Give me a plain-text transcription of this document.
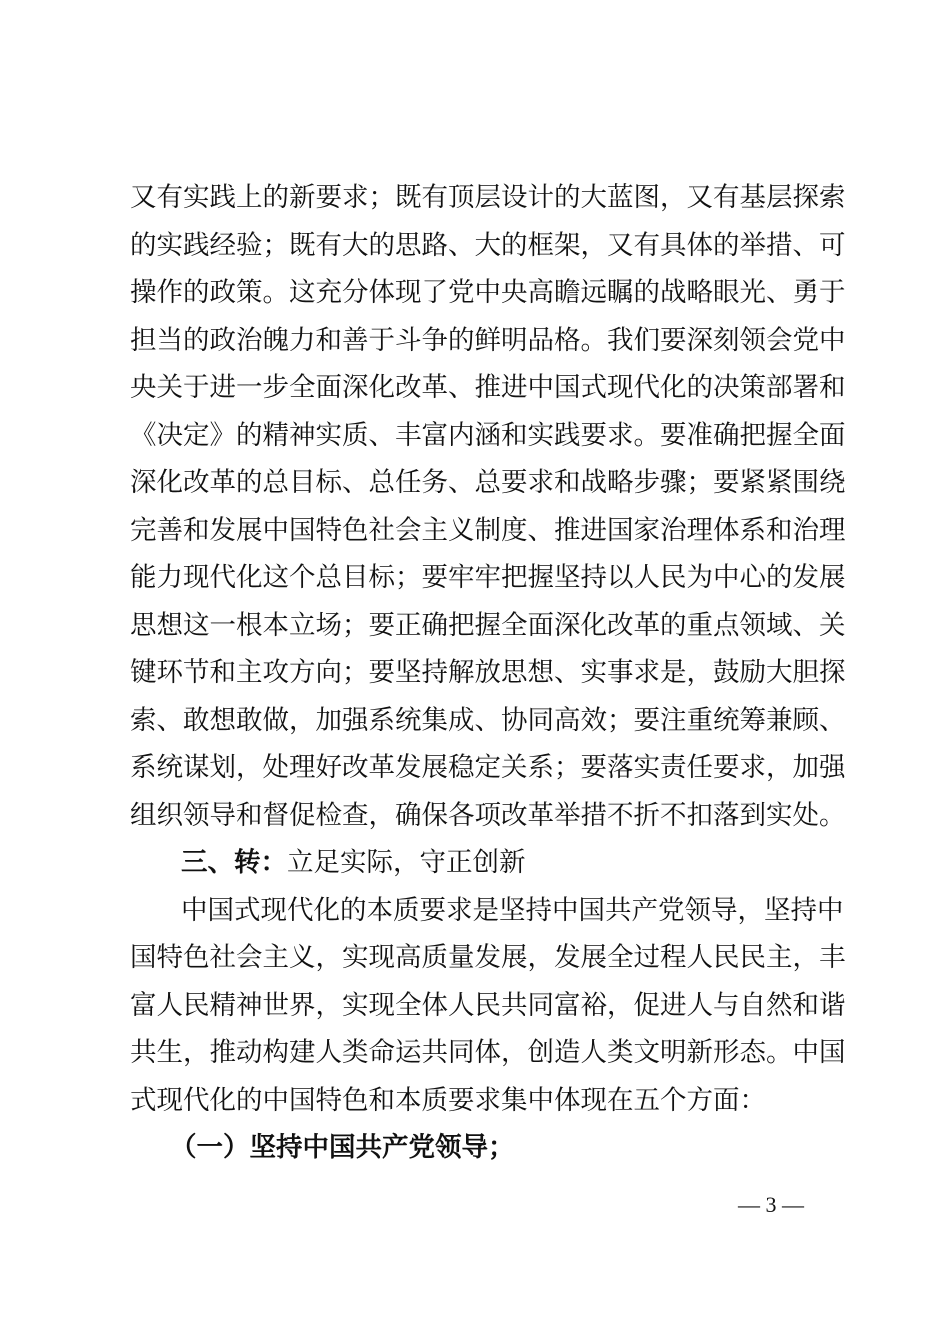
又有实践上的新要求；既有顶层设计的大蓝图，又有基层探索
的实践经验；既有大的思路、大的框架，又有具体的举措、可
操作的政策。这充分体现了党中央高瞻远瞩的战略眼光、勇于
担当的政治魄力和善于斗争的鲜明品格。我们要深刻领会党中
央关于进一步全面深化改革、推进中国式现代化的决策部署和
《决定》的精神实质、丰富内涵和实践要求。要准确把握全面
深化改革的总目标、总任务、总要求和战略步骤；要紧紧围绕
完善和发展中国特色社会主义制度、推进国家治理体系和治理
能力现代化这个总目标；要牢牢把握坚持以人民为中心的发展
思想这一根本立场；要正确把握全面深化改革的重点领域、关
键环节和主攻方向；要坚持解放思想、实事求是，鼓励大胆探
索、敢想敢做，加强系统集成、协同高效；要注重统筹兼顾、
系统谋划，处理好改革发展稳定关系；要落实责任要求，加强
组织领导和督促检查，确保各项改革举措不折不扣落到实处。
三、转：立足实际，守正创新
中国式现代化的本质要求是坚持中国共产党领导，坚持中
国特色社会主义，实现高质量发展，发展全过程人民民主，丰
富人民精神世界，实现全体人民共同富裕，促进人与自然和谐
共生，推动构建人类命运共同体，创造人类文明新形态。中国
式现代化的中国特色和本质要求集中体现在五个方面：
（一）坚持中国共产党领导；
— 3 —
